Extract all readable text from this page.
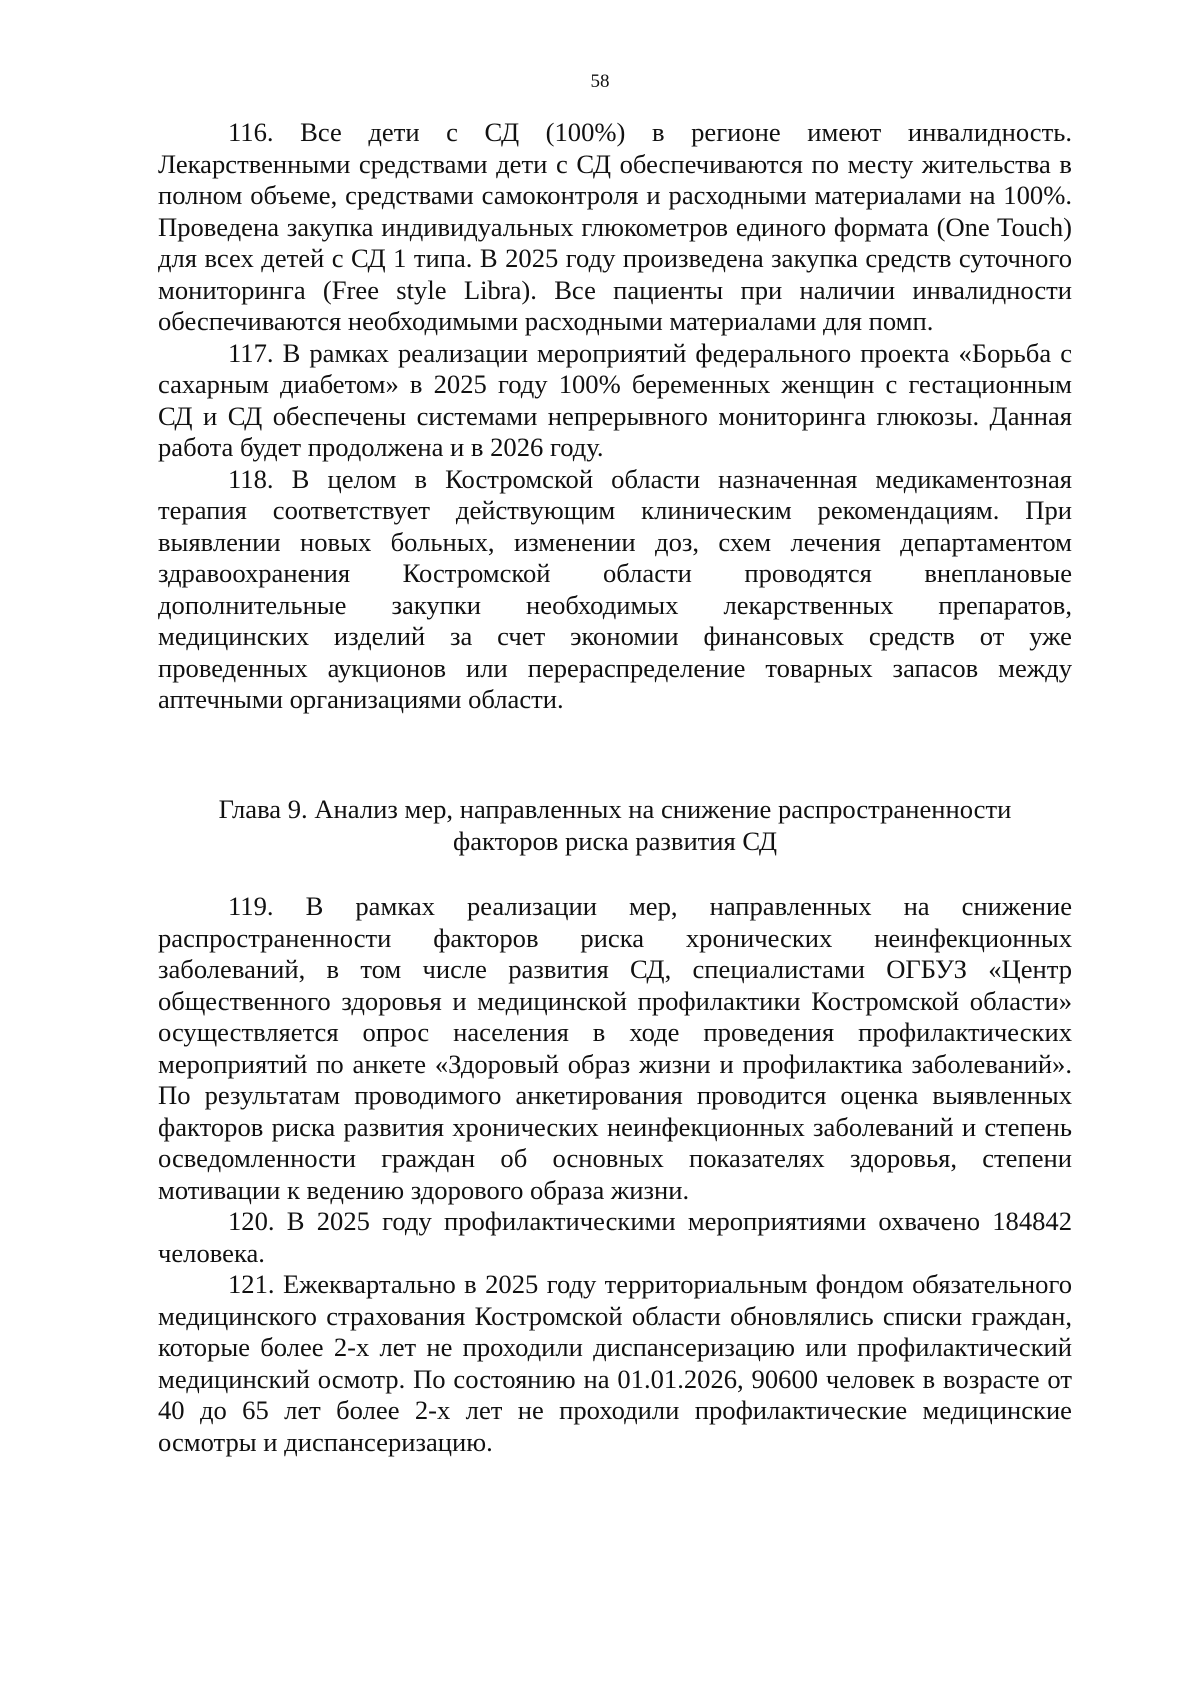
58

116. Все дети с СД (100%) в регионе имеют инвалидность. Лекарственными средствами дети с СД обеспечиваются по месту жительства в полном объеме, средствами самоконтроля и расходными материалами на 100%. Проведена закупка индивидуальных глюкометров единого формата (One Touch) для всех детей с СД 1 типа. В 2025 году произведена закупка средств суточного мониторинга (Free style Libra). Все пациенты при наличии инвалидности обеспечиваются необходимыми расходными материалами для помп.

117. В рамках реализации мероприятий федерального проекта «Борьба с сахарным диабетом» в 2025 году 100% беременных женщин с гестационным СД и СД обеспечены системами непрерывного мониторинга глюкозы. Данная работа будет продолжена и в 2026 году.

118. В целом в Костромской области назначенная медикаментозная терапия соответствует действующим клиническим рекомендациям. При выявлении новых больных, изменении доз, схем лечения департаментом здравоохранения Костромской области проводятся внеплановые дополнительные закупки необходимых лекарственных препаратов, медицинских изделий за счет экономии финансовых средств от уже проведенных аукционов или перераспределение товарных запасов между аптечными организациями области.

Глава 9. Анализ мер, направленных на снижение распространенности
факторов риска развития СД

119. В рамках реализации мер, направленных на снижение распространенности факторов риска хронических неинфекционных заболеваний, в том числе развития СД, специалистами ОГБУЗ «Центр общественного здоровья и медицинской профилактики Костромской области» осуществляется опрос населения в ходе проведения профилактических мероприятий по анкете «Здоровый образ жизни и профилактика заболеваний». По результатам проводимого анкетирования проводится оценка выявленных факторов риска развития хронических неинфекционных заболеваний и степень осведомленности граждан об основных показателях здоровья, степени мотивации к ведению здорового образа жизни.

120. В 2025 году профилактическими мероприятиями охвачено 184842 человека.

121. Ежеквартально в 2025 году территориальным фондом обязательного медицинского страхования Костромской области обновлялись списки граждан, которые более 2-х лет не проходили диспансеризацию или профилактический медицинский осмотр. По состоянию на 01.01.2026, 90600 человек в возрасте от 40 до 65 лет более 2-х лет не проходили профилактические медицинские осмотры и диспансеризацию.
